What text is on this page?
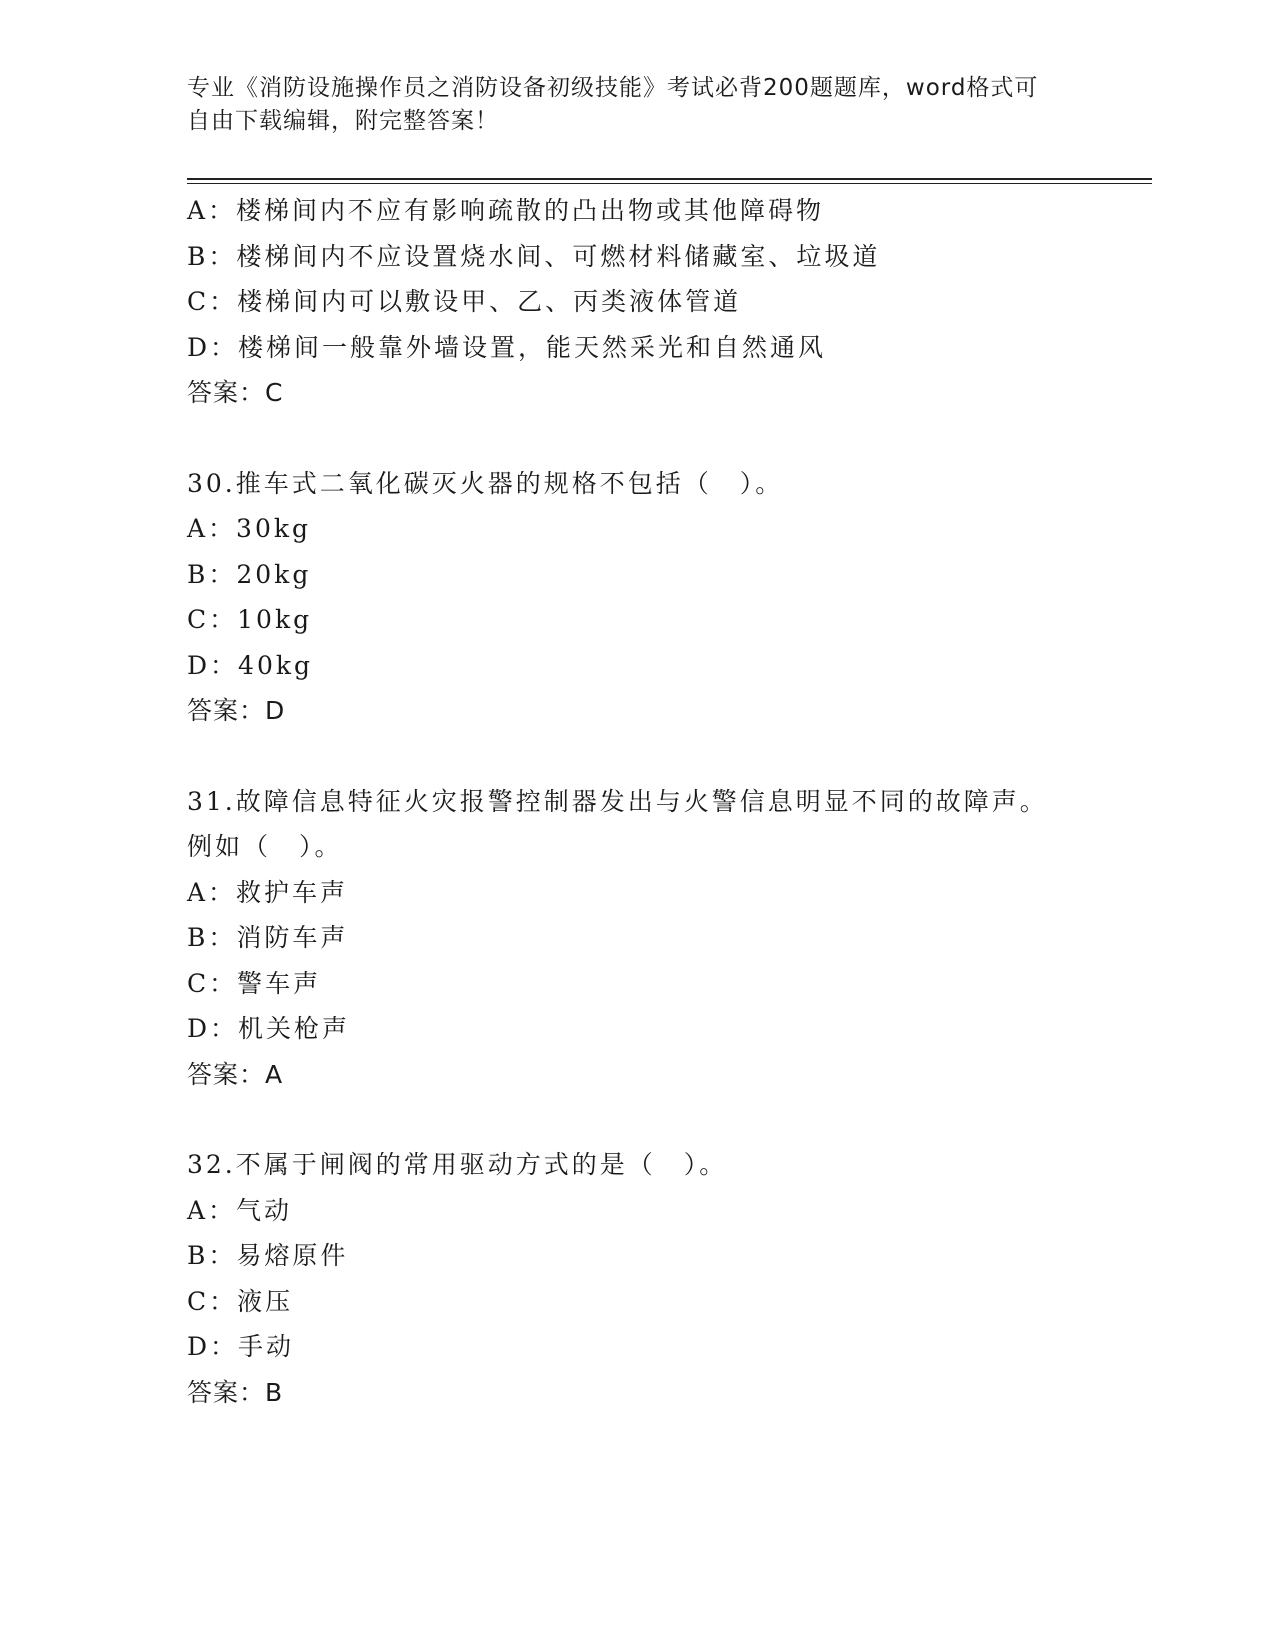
专业《消防设施操作员之消防设备初级技能》考试必背200题题库，word格式可
自由下载编辑，附完整答案！
A：楼梯间内不应有影响疏散的凸出物或其他障碍物
B：楼梯间内不应设置烧水间、可燃材料储藏室、垃圾道
C：楼梯间内可以敷设甲、乙、丙类液体管道
D：楼梯间一般靠外墙设置，能天然采光和自然通风
答案：C
30.推车式二氧化碳灭火器的规格不包括（　）。
A：30kg
B：20kg
C：10kg
D：40kg
答案：D
31.故障信息特征火灾报警控制器发出与火警信息明显不同的故障声。
例如（　）。
A：救护车声
B：消防车声
C：警车声
D：机关枪声
答案：A
32.不属于闸阀的常用驱动方式的是（　）。
A：气动
B：易熔原件
C：液压
D：手动
答案：B
